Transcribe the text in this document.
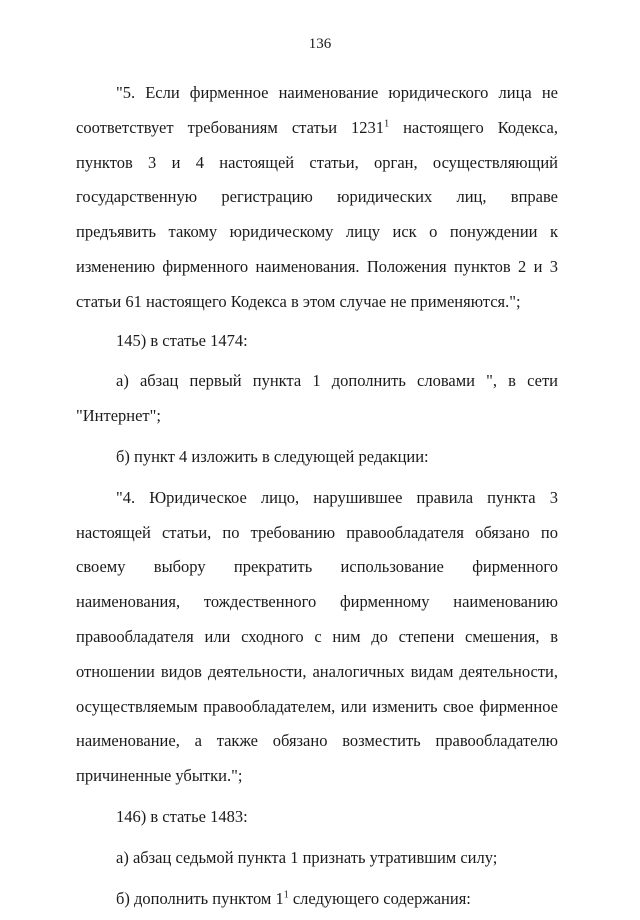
136

"5. Если фирменное наименование юридического лица не соответствует требованиям статьи 1231$^1$ настоящего Кодекса, пунктов 3 и 4 настоящей статьи, орган, осуществляющий государственную регистрацию юридических лиц, вправе предъявить такому юридическому лицу иск о понуждении к изменению фирменного наименования. Положения пунктов 2 и 3 статьи 61 настоящего Кодекса в этом случае не применяются.";

145) в статье 1474:

а) абзац первый пункта 1 дополнить словами ", в сети "Интернет";

б) пункт 4 изложить в следующей редакции:

"4. Юридическое лицо, нарушившее правила пункта 3 настоящей статьи, по требованию правообладателя обязано по своему выбору прекратить использование фирменного наименования, тождественного фирменному наименованию правообладателя или сходного с ним до степени смешения, в отношении видов деятельности, аналогичных видам деятельности, осуществляемым правообладателем, или изменить свое фирменное наименование, а также обязано возместить правообладателю причиненные убытки.";

146) в статье 1483:

а) абзац седьмой пункта 1 признать утратившим силу;

б) дополнить пунктом $1^1$ следующего содержания:
